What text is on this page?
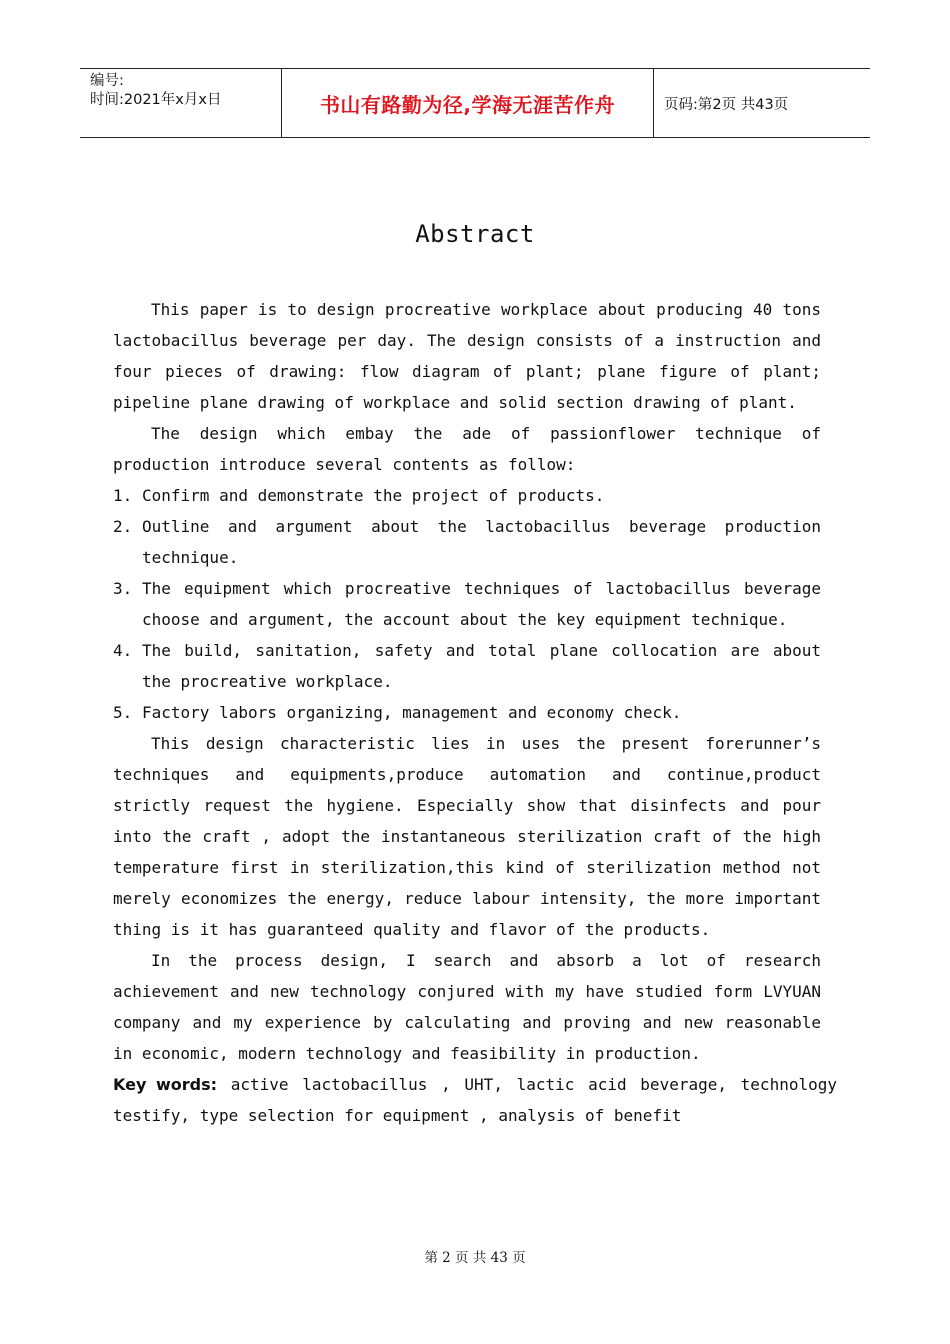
编号:
时间:2021年x月x日	书山有路勤为径,学海无涯苦作舟	页码:第2页 共43页
Abstract

This paper is to design procreative workplace about producing 40 tons lactobacillus beverage per day. The design consists of a instruction and four pieces of drawing: flow diagram of plant; plane figure of plant; pipeline plane drawing of workplace and solid section drawing of plant.

The design which embay the ade of passionflower technique of production introduce several contents as follow:

1. Confirm and demonstrate the project of products.
2. Outline and argument about the lactobacillus beverage production technique.
3. The equipment which procreative techniques of lactobacillus beverage choose and argument, the account about the key equipment technique.
4. The build, sanitation, safety and total plane collocation are about the procreative workplace.
5. Factory labors organizing, management and economy check.

This design characteristic lies in uses the present forerunner’s techniques and equipments,produce automation and continue,product strictly request the hygiene. Especially show that disinfects and pour into the craft , adopt the instantaneous sterilization craft of the high temperature first in sterilization,this kind of sterilization method not merely economizes the energy, reduce labour intensity, the more important thing is it has guaranteed quality and flavor of the products.

In the process design, I search and absorb a lot of research achievement and new technology conjured with my have studied form LVYUAN company and my experience by calculating and proving and new reasonable in economic, modern technology and feasibility in production.

Key words: active lactobacillus , UHT, lactic acid beverage, technology testify, type selection for equipment , analysis of benefit

第 2 页 共 43 页
